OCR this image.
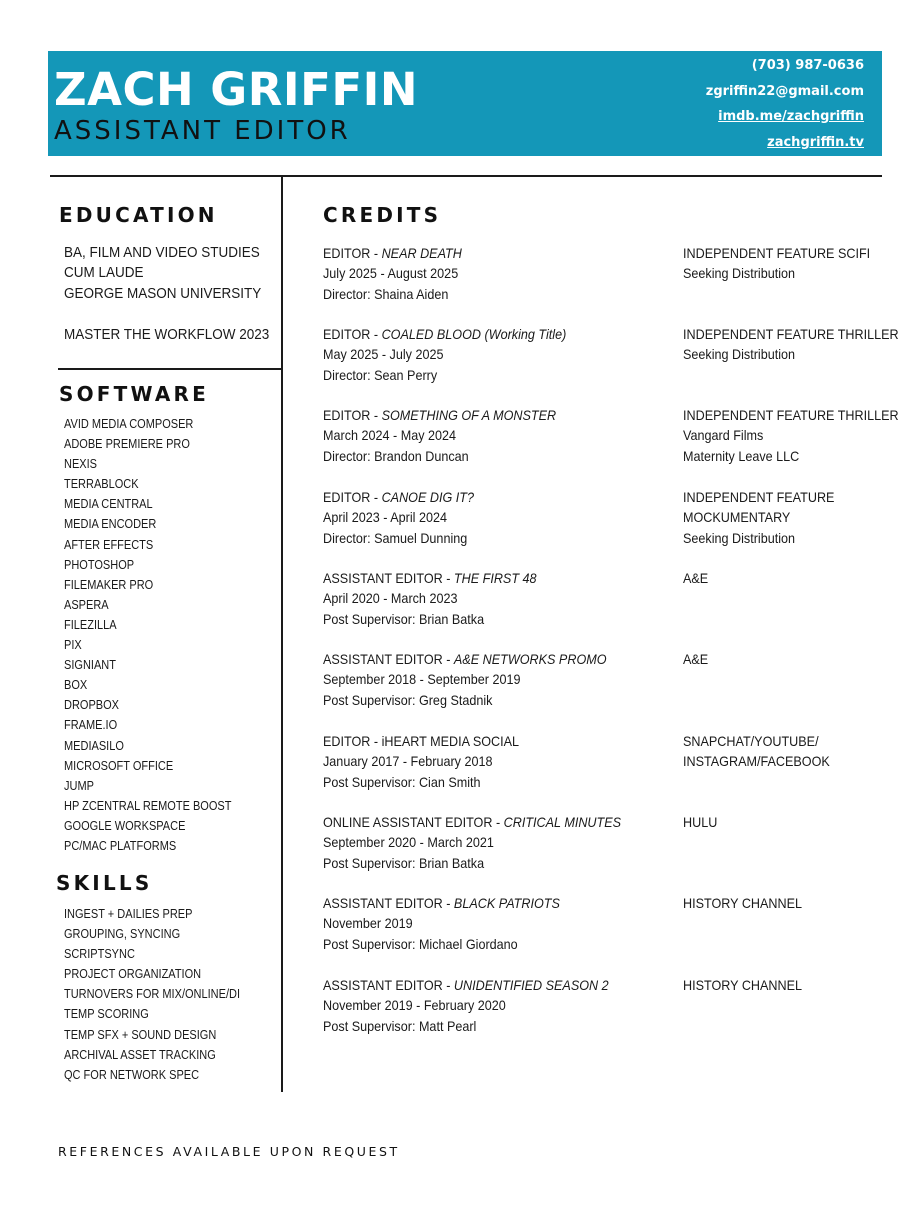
ZACH GRIFFIN
ASSISTANT EDITOR
(703) 987-0636
zgriffin22@gmail.com
imdb.me/zachgriffin
zachgriffin.tv
EDUCATION
BA, FILM AND VIDEO STUDIES
CUM LAUDE
GEORGE MASON UNIVERSITY
MASTER THE WORKFLOW 2023
SOFTWARE
AVID MEDIA COMPOSER
ADOBE PREMIERE PRO
NEXIS
TERRABLOCK
MEDIA CENTRAL
MEDIA ENCODER
AFTER EFFECTS
PHOTOSHOP
FILEMAKER PRO
ASPERA
FILEZILLA
PIX
SIGNIANT
BOX
DROPBOX
FRAME.IO
MEDIASILO
MICROSOFT OFFICE
JUMP
HP ZCENTRAL REMOTE BOOST
GOOGLE WORKSPACE
PC/MAC PLATFORMS
SKILLS
INGEST + DAILIES PREP
GROUPING, SYNCING
SCRIPTSYNC
PROJECT ORGANIZATION
TURNOVERS FOR MIX/ONLINE/DI
TEMP SCORING
TEMP SFX + SOUND DESIGN
ARCHIVAL ASSET TRACKING
QC FOR NETWORK SPEC
CREDITS
EDITOR - NEAR DEATH
July 2025 - August 2025
Director: Shaina Aiden
INDEPENDENT FEATURE SCIFI
Seeking Distribution
EDITOR - COALED BLOOD (Working Title)
May 2025 - July 2025
Director: Sean Perry
INDEPENDENT FEATURE THRILLER
Seeking Distribution
EDITOR - SOMETHING OF A MONSTER
March 2024 - May 2024
Director: Brandon Duncan
INDEPENDENT FEATURE THRILLER
Vangard Films
Maternity Leave LLC
EDITOR - CANOE DIG IT?
April 2023 - April 2024
Director: Samuel Dunning
INDEPENDENT FEATURE
MOCKUMENTARY
Seeking Distribution
ASSISTANT EDITOR - THE FIRST 48
April 2020 - March 2023
Post Supervisor: Brian Batka
A&E
ASSISTANT EDITOR - A&E NETWORKS PROMO
September 2018 - September 2019
Post Supervisor: Greg Stadnik
A&E
EDITOR - iHEART MEDIA SOCIAL
January 2017 - February 2018
Post Supervisor: Cian Smith
SNAPCHAT/YOUTUBE/
INSTAGRAM/FACEBOOK
ONLINE ASSISTANT EDITOR - CRITICAL MINUTES
September 2020 - March 2021
Post Supervisor: Brian Batka
HULU
ASSISTANT EDITOR - BLACK PATRIOTS
November 2019
Post Supervisor: Michael Giordano
HISTORY CHANNEL
ASSISTANT EDITOR - UNIDENTIFIED SEASON 2
November 2019 - February 2020
Post Supervisor: Matt Pearl
HISTORY CHANNEL
REFERENCES AVAILABLE UPON REQUEST
